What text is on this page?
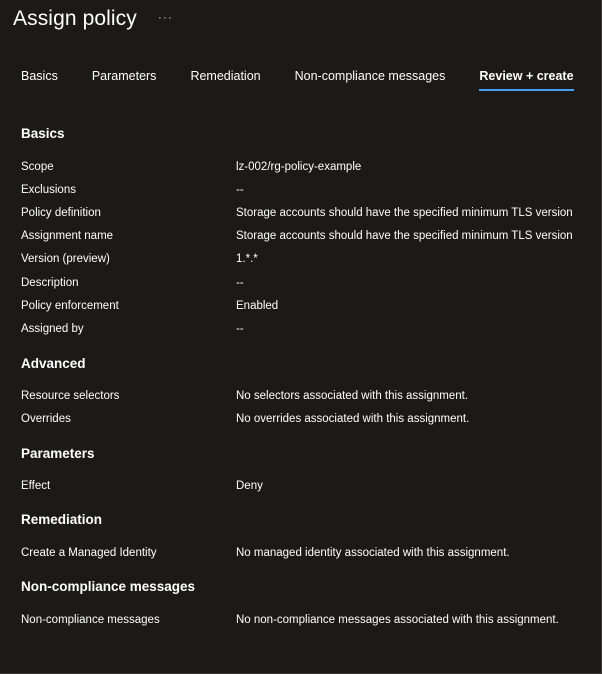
Assign policy ···
Basics	Parameters	Remediation	Non-compliance messages	Review + create
Basics
Scope	lz-002/rg-policy-example
Exclusions	--
Policy definition	Storage accounts should have the specified minimum TLS version
Assignment name	Storage accounts should have the specified minimum TLS version
Version (preview)	1.*.*
Description	--
Policy enforcement	Enabled
Assigned by	--
Advanced
Resource selectors	No selectors associated with this assignment.
Overrides	No overrides associated with this assignment.
Parameters
Effect	Deny
Remediation
Create a Managed Identity	No managed identity associated with this assignment.
Non-compliance messages
Non-compliance messages	No non-compliance messages associated with this assignment.
